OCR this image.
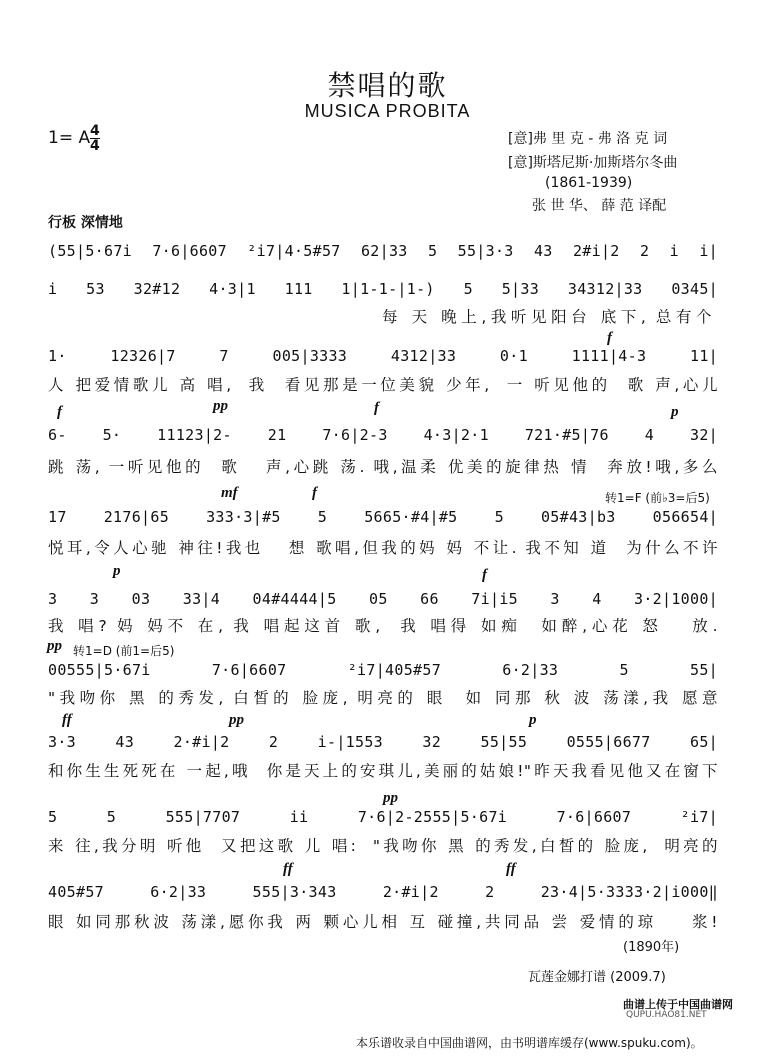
禁唱的歌
MUSICA PROBITA
1= A 4
4	[意]弗 里 克 - 弗 洛 克 词
[意]斯塔尼斯·加斯塔尔冬曲
(1861-1939)
张 世 华、 薛 范 译配
行板 深情地
(55|5·67i 7·6|6607 ²i7|4·5#57 62|33 5 55|3·3 43 2#i|2 2 i i|
i 53 32#12 4·3|1 111 1|1-1-|1-) 5 5|33 34312|33 0345|
每 天 晚上,我听见阳台 底下, 总有个
f
1· 12326|7 7 005|3333 4312|33 0·1 1111|4-3 11|
人 把爱情歌儿 高 唱,  我  看见那是一位美貌 少年,  一 听见他的  歌 声,心儿
f	pp	f	p
6- 5· 11123|2- 21 7·6|2-3 4·3|2·1 721·#5|76 4 32|
跳 荡, 一听见他的  歌   声,心跳 荡. 哦,温柔 优美的旋律热 情  奔放!哦,多么
mf	f	转1=F (前♭3=后5)
17 2176|65 333·3|#5 5 5665·#4|#5 5 05#43|b3 056654|
悦耳,令人心驰 神往!我也   想 歌唱,但我的妈 妈 不让. 我不知 道  为什么不许
p	f
3 3 03 33|4 04#4444|5 05 66 7i|i5 3 4 3·2|1000|
我 唱? 妈 妈不 在, 我 唱起这首 歌,  我 唱得 如痴  如醉,心花 怒   放.
pp 转1=D (前1=后5)
00555|5·67i 7·6|6607 ²i7|405#57 6·2|33 5 55|
"我吻你 黑 的秀发, 白皙的 脸庞, 明亮的 眼  如 同那 秋 波 荡漾,我 愿意
ff	pp	p
3·3 43 2·#i|2 2 i-|1553 32 55|55 0555|6677 65|
和你生生死死在 一起,哦  你是天上的安琪儿,美丽的姑娘!"昨天我看见他又在窗下
pp
5 5 555|7707 ii 7·6|2-2555|5·67i 7·6|6607 ²i7|
来 往,我分明 听他  又把这歌 儿 唱:  "我吻你 黑 的秀发,白皙的 脸庞,  明亮的
ff	ff
405#57 6·2|33 555|3·343 2·#i|2 2 23·4|5·3333·2|i000‖
眼 如同那秋波 荡漾,愿你我 两 颗心儿相 互 碰撞,共同品 尝 爱情的琼    浆!
(1890年)
瓦莲金娜打谱 (2009.7)
曲谱上传于中国曲谱网
QUPU.HAO81.NET
本乐谱收录自中国曲谱网，由书明谱库缓存(www.spuku.com)。
